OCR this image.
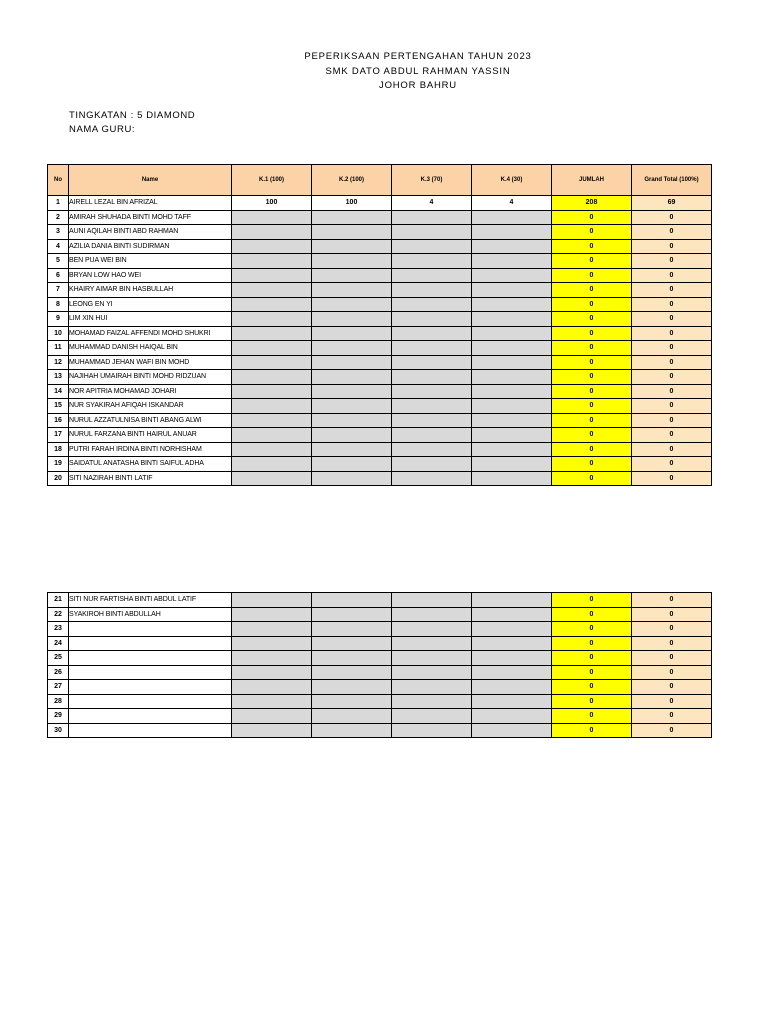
PEPERIKSAAN PERTENGAHAN TAHUN 2023
SMK DATO ABDUL RAHMAN YASSIN
JOHOR BAHRU
TINGKATAN : 5 DIAMOND
NAMA GURU:
No	Name	K.1 (100)	K.2 (100)	K.3 (70)	K.4 (30)	JUMLAH	Grand Total (100%)
1	AIRELL LEZAL BIN AFRIZAL	100	100	4	4	208	69
2	AMIRAH SHUHADA BINTI MOHD TAFF					0	0
3	AUNI AQILAH BINTI ABD RAHMAN					0	0
4	AZILIA DANIA BINTI SUDIRMAN					0	0
5	BEN PUA WEI BIN					0	0
6	BRYAN LOW HAO WEI					0	0
7	KHAIRY AIMAR BIN HASBULLAH					0	0
8	LEONG EN YI					0	0
9	LIM XIN HUI					0	0
10	MOHAMAD FAIZAL AFFENDI MOHD SHUKRI					0	0
11	MUHAMMAD DANISH HAIQAL BIN					0	0
12	MUHAMMAD JEHAN WAFI BIN MOHD					0	0
13	NAJIHAH UMAIRAH BINTI MOHD RIDZUAN					0	0
14	NOR APITRIA MOHAMAD JOHARI					0	0
15	NUR SYAKIRAH AFIQAH ISKANDAR					0	0
16	NURUL AZZATULNISA BINTI ABANG ALWI					0	0
17	NURUL FARZANA BINTI HAIRUL ANUAR					0	0
18	PUTRI FARAH IRDINA BINTI NORHISHAM					0	0
19	SAIDATUL ANATASHA BINTI SAIFUL ADHA					0	0
20	SITI NAZIRAH BINTI LATIF					0	0
21	SITI NUR FARTISHA BINTI ABDUL LATIF					0	0
22	SYAKIROH BINTI ABDULLAH					0	0
23						0	0
24						0	0
25						0	0
26						0	0
27						0	0
28						0	0
29						0	0
30						0	0
